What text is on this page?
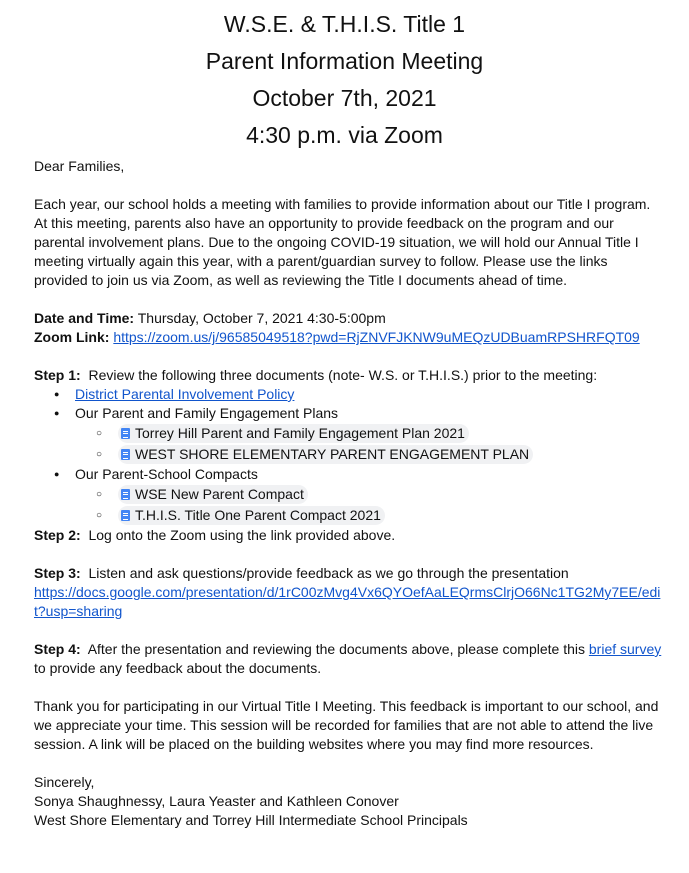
W.S.E. & T.H.I.S. Title 1
Parent Information Meeting
October 7th, 2021
4:30 p.m. via Zoom
Dear Families,
Each year, our school holds a meeting with families to provide information about our Title I program.
At this meeting, parents also have an opportunity to provide feedback on the program and our
parental involvement plans. Due to the ongoing COVID-19 situation, we will hold our Annual Title I
meeting virtually again this year, with a parent/guardian survey to follow. Please use the links
provided to join us via Zoom, as well as reviewing the Title I documents ahead of time.
Date and Time: Thursday, October 7, 2021 4:30-5:00pm
Zoom Link: https://zoom.us/j/96585049518?pwd=RjZNVFJKNW9uMEQzUDBuamRPSHRFQT09
Step 1:  Review the following three documents (note- W.S. or T.H.I.S.) prior to the meeting:
● District Parental Involvement Policy
● Our Parent and Family Engagement Plans
○ Torrey Hill Parent and Family Engagement Plan 2021
○ WEST SHORE ELEMENTARY PARENT ENGAGEMENT PLAN
● Our Parent-School Compacts
○ WSE New Parent Compact
○ T.H.I.S. Title One Parent Compact 2021
Step 2:  Log onto the Zoom using the link provided above.
Step 3:  Listen and ask questions/provide feedback as we go through the presentation
https://docs.google.com/presentation/d/1rC00zMvg4Vx6QYOefAaLEQrmsClrjO66Nc1TG2My7EE/edi
t?usp=sharing
Step 4:  After the presentation and reviewing the documents above, please complete this brief survey
to provide any feedback about the documents.
Thank you for participating in our Virtual Title I Meeting. This feedback is important to our school, and
we appreciate your time. This session will be recorded for families that are not able to attend the live
session. A link will be placed on the building websites where you may find more resources.
Sincerely,
Sonya Shaughnessy, Laura Yeaster and Kathleen Conover
West Shore Elementary and Torrey Hill Intermediate School Principals
